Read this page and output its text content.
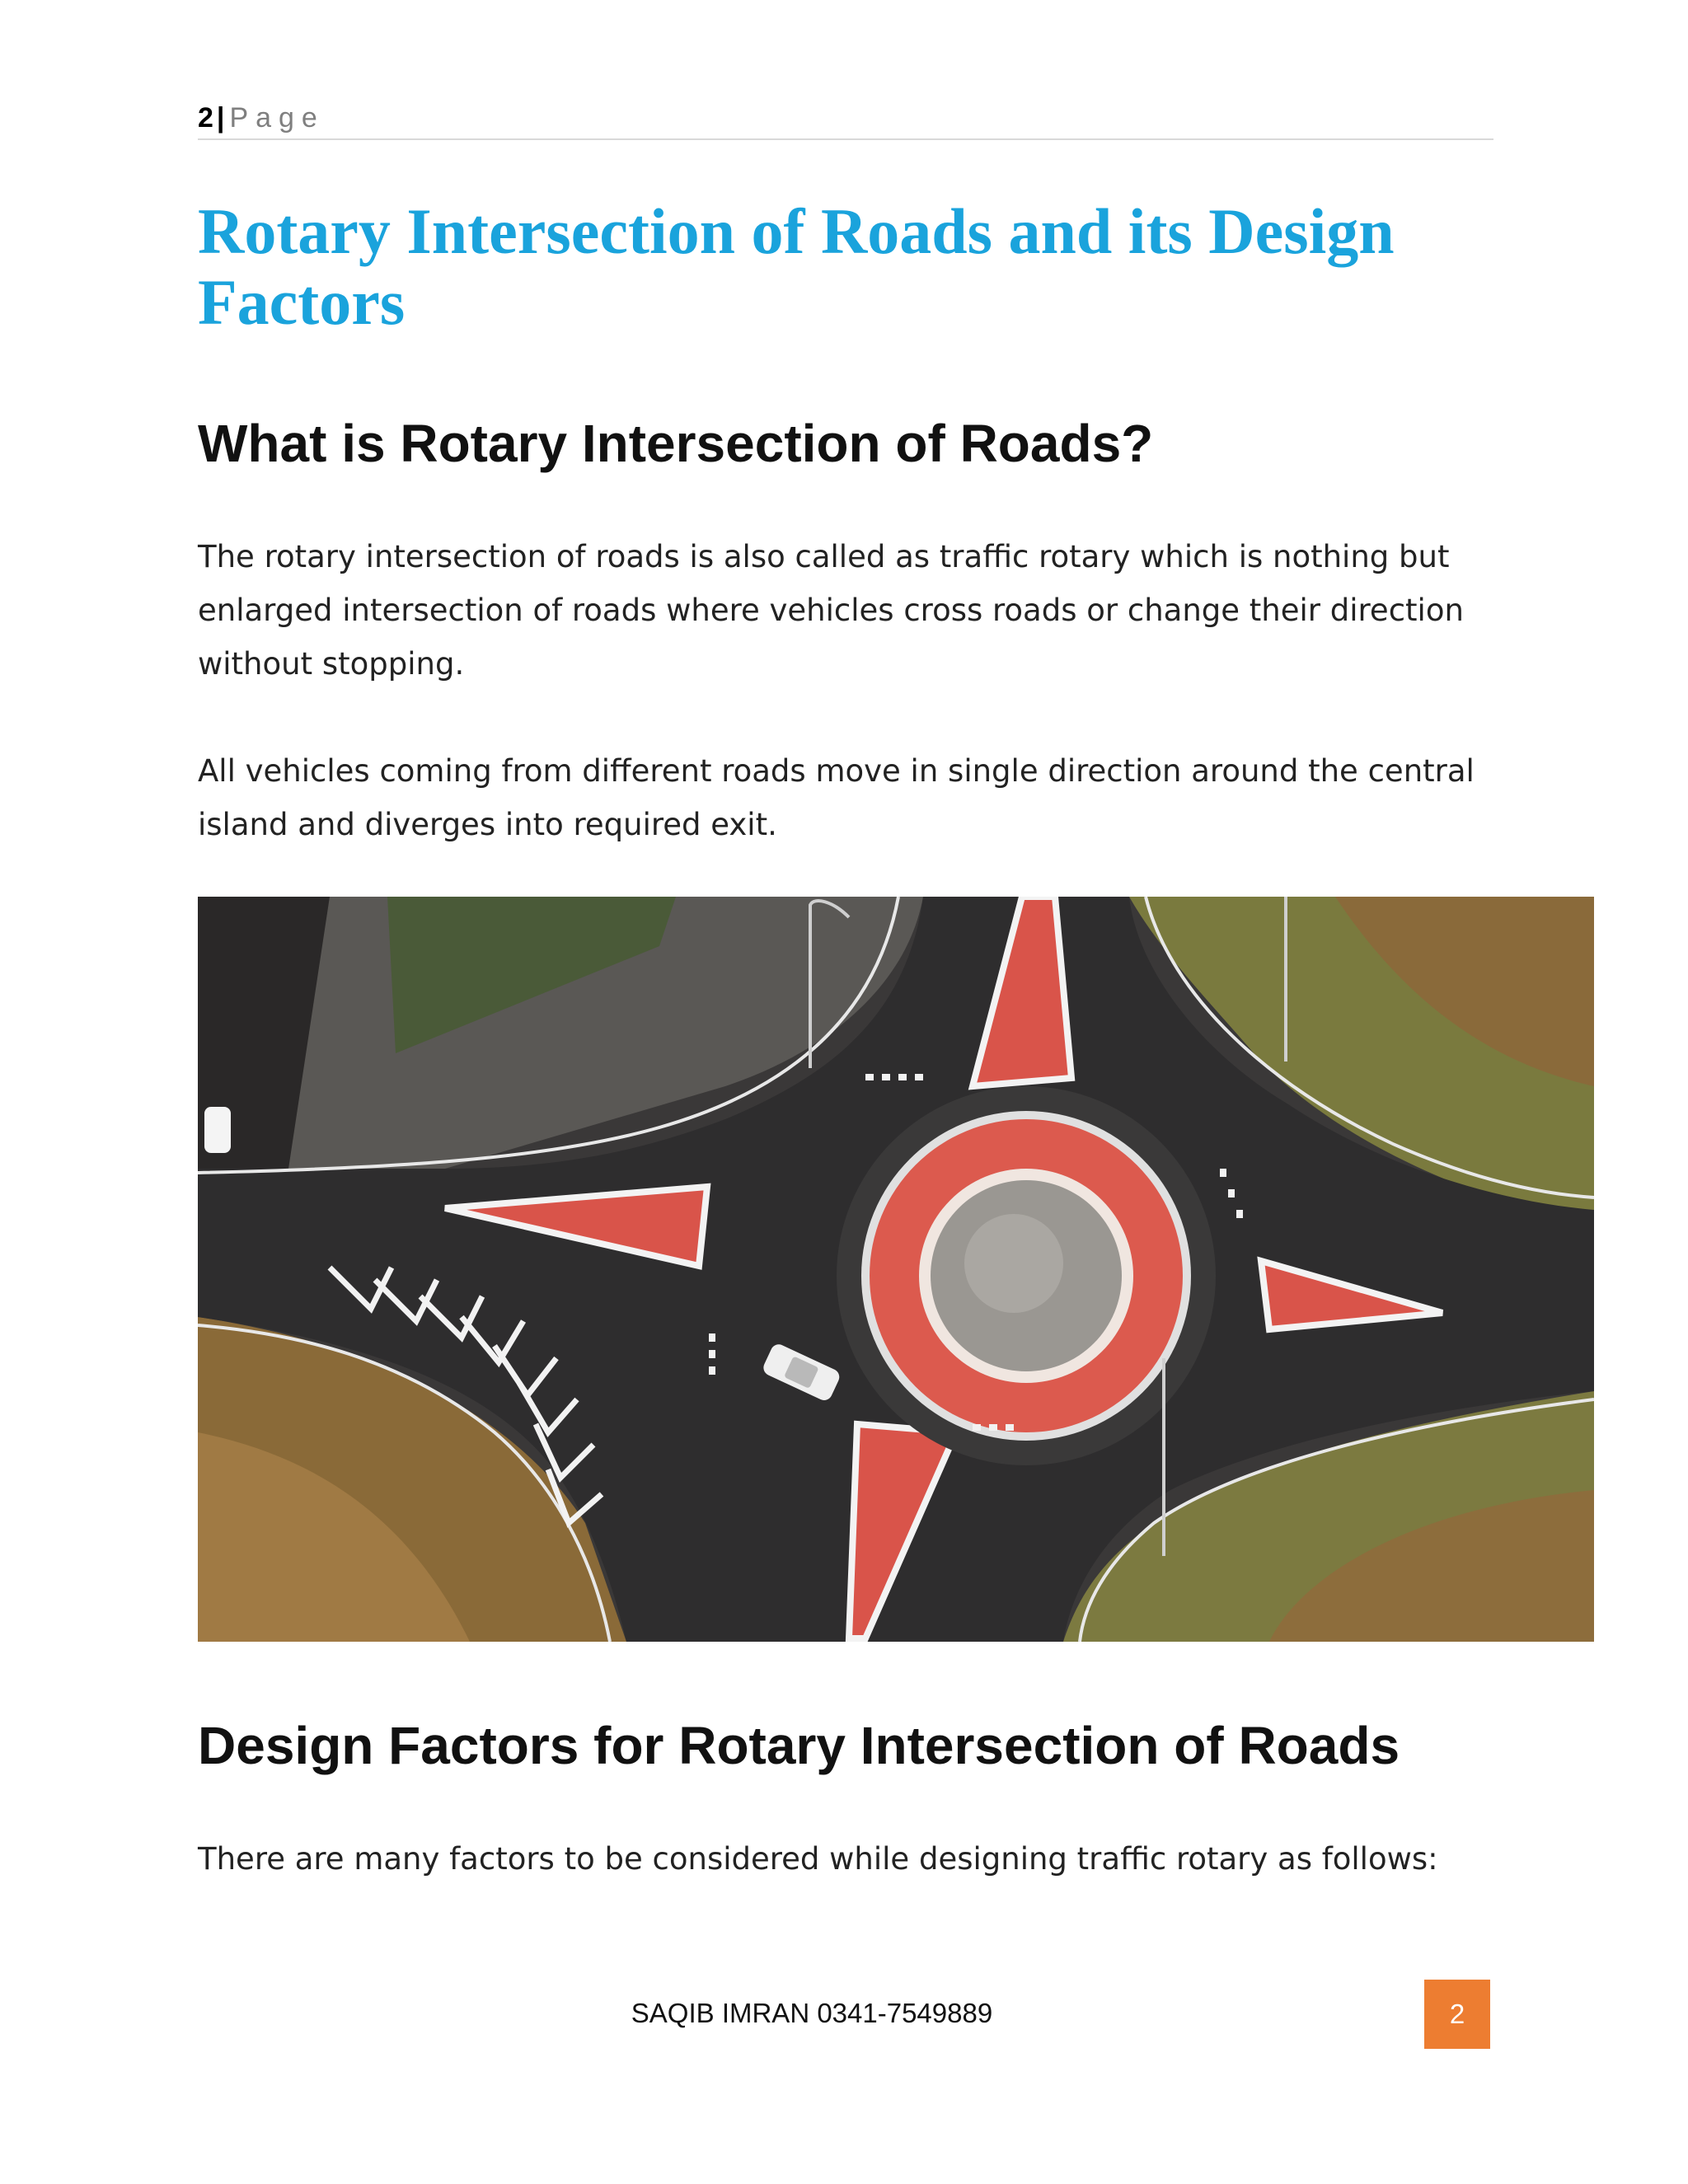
2 | Page
Rotary Intersection of Roads and its Design Factors
What is Rotary Intersection of Roads?

The rotary intersection of roads is also called as traffic rotary which is nothing but enlarged intersection of roads where vehicles cross roads or change their direction without stopping.

All vehicles coming from different roads move in single direction around the central island and diverges into required exit.

Design Factors for Rotary Intersection of Roads

There are many factors to be considered while designing traffic rotary as follows:

SAQIB IMRAN 0341-7549889	2
